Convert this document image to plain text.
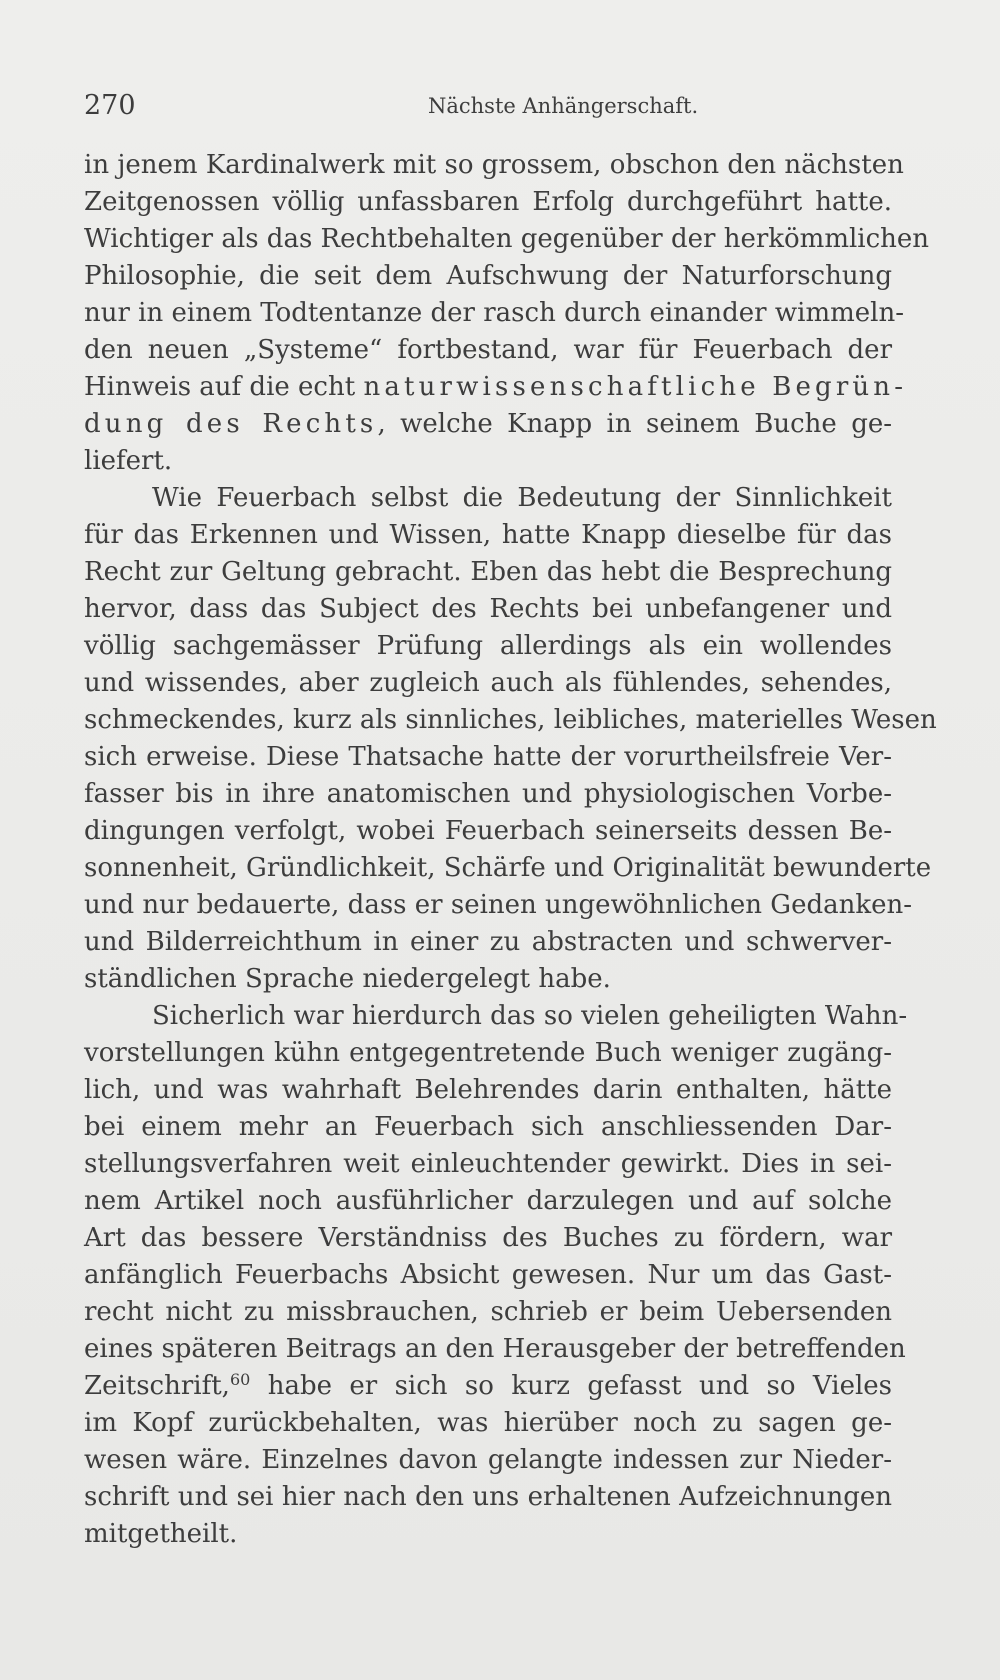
270	Nächste Anhängerschaft.

in jenem Kardinalwerk mit so grossem, obschon den nächsten
Zeitgenossen völlig unfassbaren Erfolg durchgeführt hatte.
Wichtiger als das Rechtbehalten gegenüber der herkömmlichen
Philosophie, die seit dem Aufschwung der Naturforschung
nur in einem Todtentanze der rasch durch einander wimmeln-
den neuen „Systeme“ fortbestand, war für Feuerbach der
Hinweis auf die echt naturwissenschaftliche Begrün-
dung des Rechts, welche Knapp in seinem Buche ge-
liefert.

Wie Feuerbach selbst die Bedeutung der Sinnlichkeit
für das Erkennen und Wissen, hatte Knapp dieselbe für das
Recht zur Geltung gebracht. Eben das hebt die Besprechung
hervor, dass das Subject des Rechts bei unbefangener und
völlig sachgemässer Prüfung allerdings als ein wollendes
und wissendes, aber zugleich auch als fühlendes, sehendes,
schmeckendes, kurz als sinnliches, leibliches, materielles Wesen
sich erweise. Diese Thatsache hatte der vorurtheilsfreie Ver-
fasser bis in ihre anatomischen und physiologischen Vorbe-
dingungen verfolgt, wobei Feuerbach seinerseits dessen Be-
sonnenheit, Gründlichkeit, Schärfe und Originalität bewunderte
und nur bedauerte, dass er seinen ungewöhnlichen Gedanken-
und Bilderreichthum in einer zu abstracten und schwerver-
ständlichen Sprache niedergelegt habe.

Sicherlich war hierdurch das so vielen geheiligten Wahn-
vorstellungen kühn entgegentretende Buch weniger zugäng-
lich, und was wahrhaft Belehrendes darin enthalten, hätte
bei einem mehr an Feuerbach sich anschliessenden Dar-
stellungsverfahren weit einleuchtender gewirkt. Dies in sei-
nem Artikel noch ausführlicher darzulegen und auf solche
Art das bessere Verständniss des Buches zu fördern, war
anfänglich Feuerbachs Absicht gewesen. Nur um das Gast-
recht nicht zu missbrauchen, schrieb er beim Uebersenden
eines späteren Beitrags an den Herausgeber der betreffenden
Zeitschrift,$^{60}$ habe er sich so kurz gefasst und so Vieles
im Kopf zurückbehalten, was hierüber noch zu sagen ge-
wesen wäre. Einzelnes davon gelangte indessen zur Nieder-
schrift und sei hier nach den uns erhaltenen Aufzeichnungen
mitgetheilt.
